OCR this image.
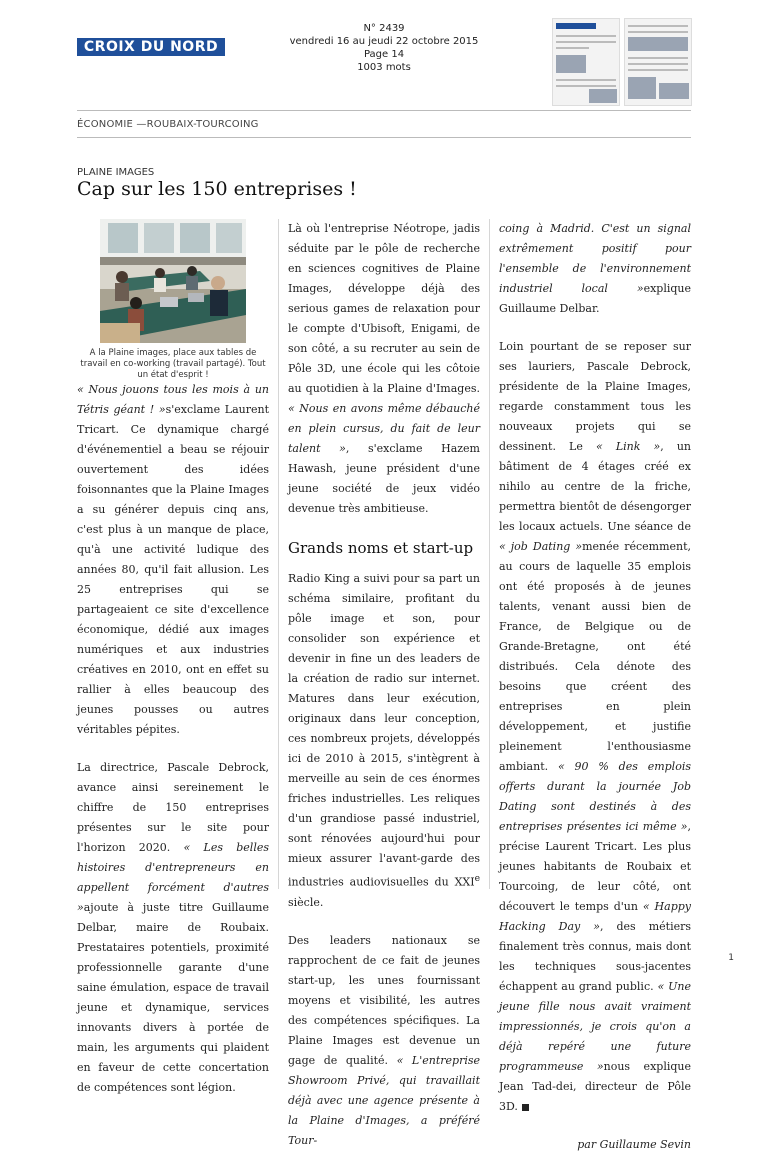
CROIX DU NORD
N° 2439
vendredi 16 au jeudi 22 octobre 2015
Page 14
1003 mots
ÉCONOMIE —ROUBAIX-TOURCOING
PLAINE IMAGES
Cap sur les 150 entreprises !
A la Plaine images, place aux tables de travail en co-working (travail partagé). Tout un état d'esprit !

« Nous jouons tous les mois à un Tétris géant ! »s'exclame Laurent Tricart. Ce dynamique chargé d'événementiel a beau se réjouir ouvertement des idées foisonnantes que la Plaine Images a su générer depuis cinq ans, c'est plus à un manque de place, qu'à une activité ludique des années 80, qu'il fait allusion. Les 25 entreprises qui se partageaient ce site d'excellence économique, dédié aux images numériques et aux industries créatives en 2010, ont en effet su rallier à elles beaucoup des jeunes pousses ou autres véritables pépites.

La directrice, Pascale Debrock, avance ainsi sereinement le chiffre de 150 entreprises présentes sur le site pour l'horizon 2020. « Les belles histoires d'entrepreneurs en appellent forcément d'autres »ajoute à juste titre Guillaume Delbar, maire de Roubaix. Prestataires potentiels, proximité professionnelle garante d'une saine émulation, espace de travail jeune et dynamique, services innovants divers à portée de main, les arguments qui plaident en faveur de cette concertation de compétences sont légion.

Là où l'entreprise Néotrope, jadis séduite par le pôle de recherche en sciences cognitives de Plaine Images, développe déjà des serious games de relaxation pour le compte d'Ubisoft, Enigami, de son côté, a su recruter au sein de Pôle 3D, une école qui les côtoie au quotidien à la Plaine d'Images. « Nous en avons même débauché en plein cursus, du fait de leur talent », s'exclame Hazem Hawash, jeune président d'une jeune société de jeux vidéo devenue très ambitieuse.

Grands noms et start-up

Radio King a suivi pour sa part un schéma similaire, profitant du pôle image et son, pour consolider son expérience et devenir in fine un des leaders de la création de radio sur internet. Matures dans leur exécution, originaux dans leur conception, ces nombreux projets, développés ici de 2010 à 2015, s'intègrent à merveille au sein de ces énormes friches industrielles. Les reliques d'un grandiose passé industriel, sont rénovées aujourd'hui pour mieux assurer l'avant-garde des industries audiovisuelles du XXIe siècle.

Des leaders nationaux se rapprochent de ce fait de jeunes start-up, les unes fournissant moyens et visibilité, les autres des compétences spécifiques. La Plaine Images est devenue un gage de qualité. « L'entreprise Showroom Privé, qui travaillait déjà avec une agence présente à la Plaine d'Images, a préféré Tour-

coing à Madrid. C'est un signal extrêmement positif pour l'ensemble de l'environnement industriel local »explique Guillaume Delbar.

Loin pourtant de se reposer sur ses lauriers, Pascale Debrock, présidente de la Plaine Images, regarde constamment tous les nouveaux projets qui se dessinent. Le « Link », un bâtiment de 4 étages créé ex nihilo au centre de la friche, permettra bientôt de désengorger les locaux actuels. Une séance de « job Dating »menée récemment, au cours de laquelle 35 emplois ont été proposés à de jeunes talents, venant aussi bien de France, de Belgique ou de Grande-Bretagne, ont été distribués. Cela dénote des besoins que créent des entreprises en plein développement, et justifie pleinement l'enthousiasme ambiant. « 90 % des emplois offerts durant la journée Job Dating sont destinés à des entreprises présentes ici même », précise Laurent Tricart. Les plus jeunes habitants de Roubaix et Tourcoing, de leur côté, ont découvert le temps d'un « Happy Hacking Day », des métiers finalement très connus, mais dont les techniques sous-jacentes échappent au grand public. « Une jeune fille nous avait vraiment impressionnés, je crois qu'on a déjà repéré une future programmeuse »nous explique Jean Tad-dei, directeur de Pôle 3D.

par Guillaume Sevin
1
